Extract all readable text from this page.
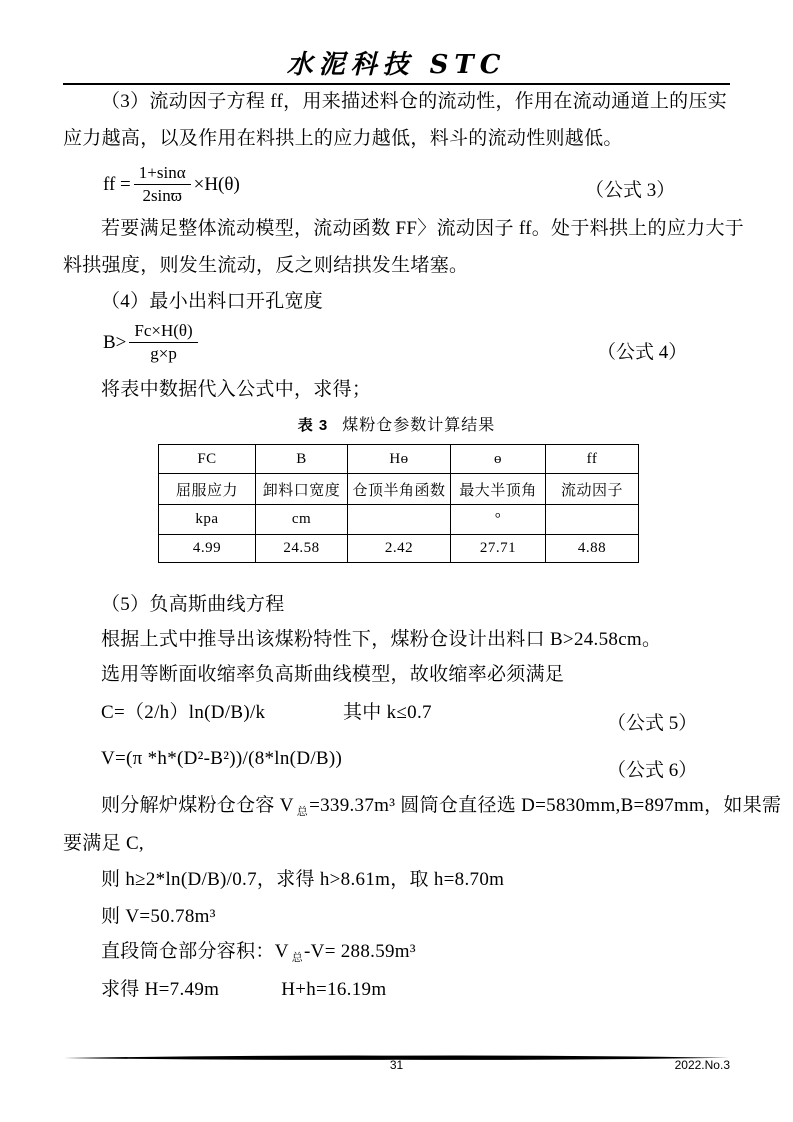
水泥科技 STC
（3）流动因子方程 ff，用来描述料仓的流动性，作用在流动通道上的压实
应力越高，以及作用在料拱上的应力越低，料斗的流动性则越低。
ff = $\frac{1+\sin\alpha}{2\sin ϖ} \times H(\theta)$	（公式 3）
若要满足整体流动模型，流动函数 FF〉流动因子 ff。处于料拱上的应力大于
料拱强度，则发生流动，反之则结拱发生堵塞。
（4）最小出料口开孔宽度
$B> \frac{Fc\times H(\theta)}{g\times p}$	（公式 4）
将表中数据代入公式中，求得；
表 3 煤粉仓参数计算结果
FC	B	Hө	ө	ff
屈服应力	卸料口宽度	仓顶半角函数	最大半顶角	流动因子
kpa	cm		°	
4.99	24.58	2.42	27.71	4.88
（5）负高斯曲线方程
根据上式中推导出该煤粉特性下，煤粉仓设计出料口 B>24.58cm。
选用等断面收缩率负高斯曲线模型，故收缩率必须满足
C=（2/h）ln(D/B)/k	其中 k≤0.7
（公式 5）
V=(π *h*(D²-B²))/(8*ln(D/B))
（公式 6）
则分解炉煤粉仓仓容 V $_总$=339.37m³ 圆筒仓直径选 D=5830mm,B=897mm，如果需
要满足 C,
则 h≥2*ln(D/B)/0.7，求得 h>8.61m，取 h=8.70m
则 V=50.78m³
直段筒仓部分容积：V $_总$-V= 288.59m³
求得 H=7.49m	H+h=16.19m
31	2022.No.3
